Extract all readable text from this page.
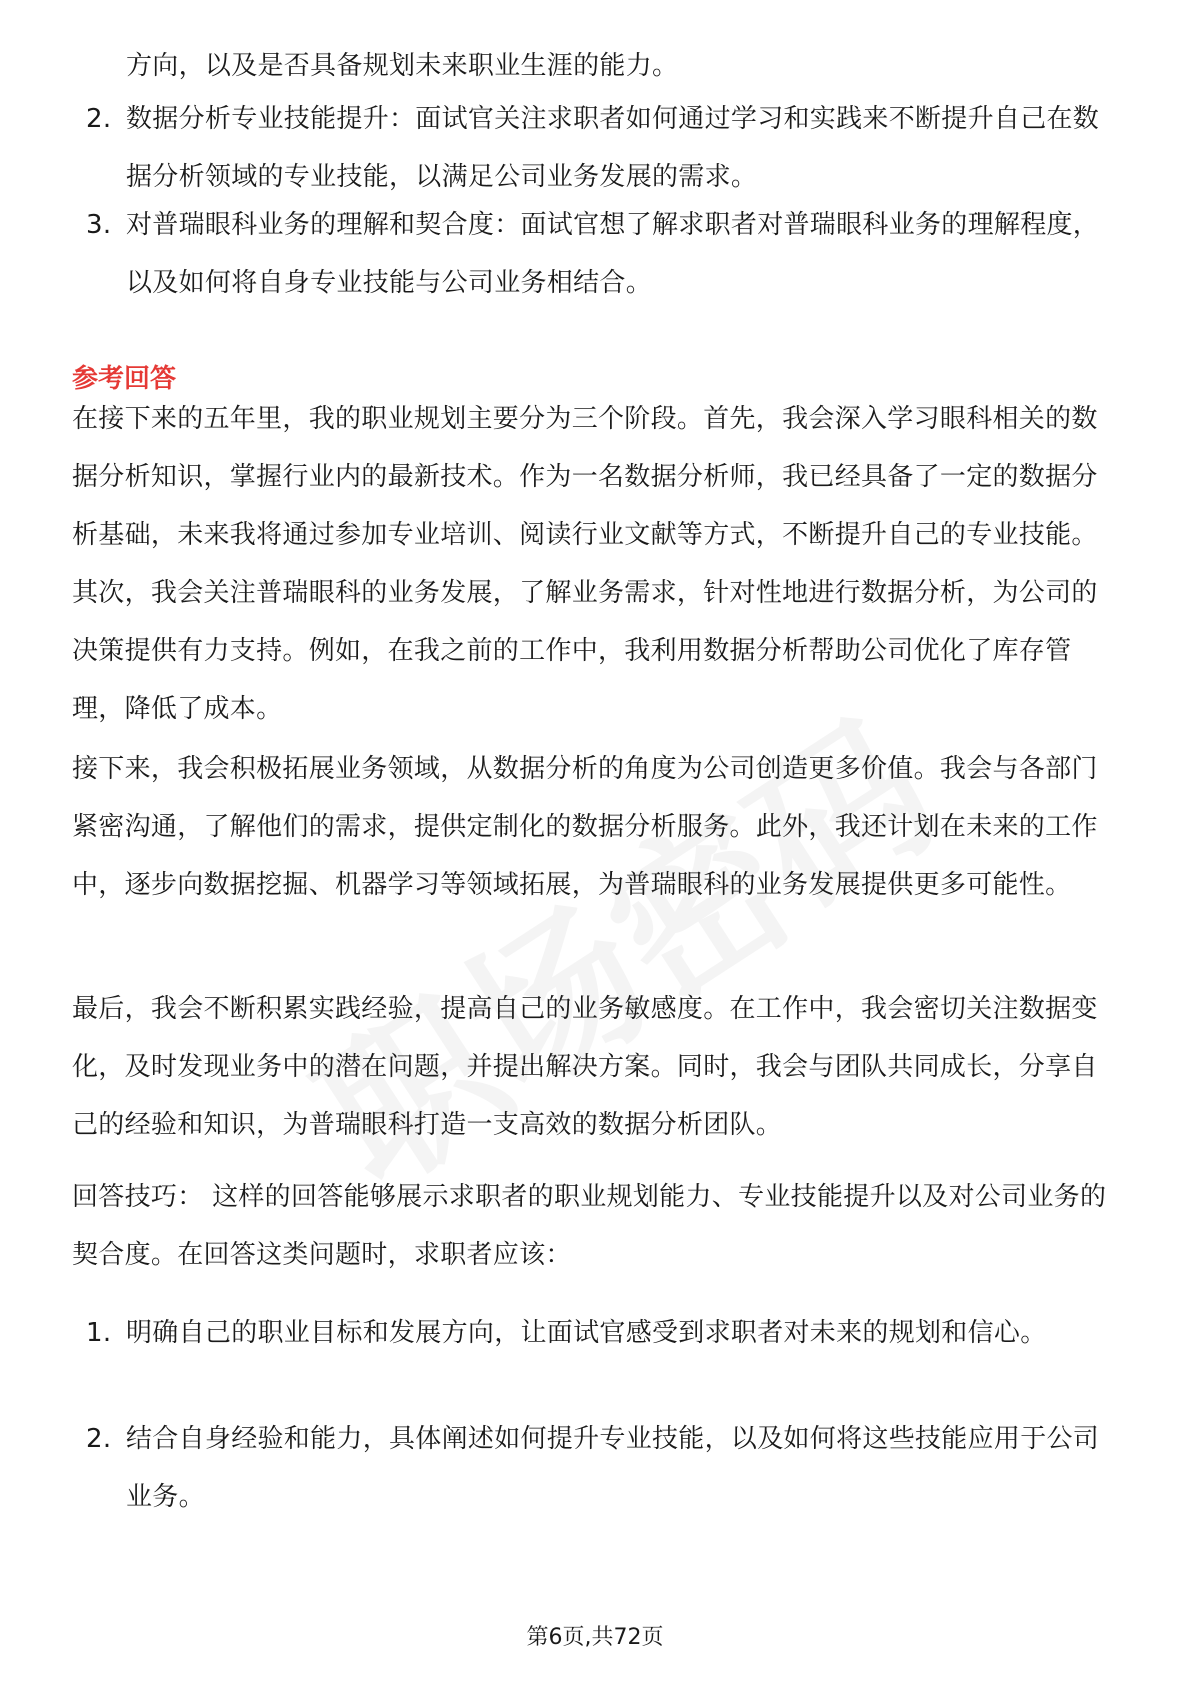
方向，以及是否具备规划未来职业生涯的能力。

2. 数据分析专业技能提升：面试官关注求职者如何通过学习和实践来不断提升自己在数据分析领域的专业技能，以满足公司业务发展的需求。
3. 对普瑞眼科业务的理解和契合度：面试官想了解求职者对普瑞眼科业务的理解程度，以及如何将自身专业技能与公司业务相结合。
参考回答

在接下来的五年里，我的职业规划主要分为三个阶段。首先，我会深入学习眼科相关的数据分析知识，掌握行业内的最新技术。作为一名数据分析师，我已经具备了一定的数据分析基础，未来我将通过参加专业培训、阅读行业文献等方式，不断提升自己的专业技能。其次，我会关注普瑞眼科的业务发展，了解业务需求，针对性地进行数据分析，为公司的决策提供有力支持。例如，在我之前的工作中，我利用数据分析帮助公司优化了库存管理，降低了成本。

接下来，我会积极拓展业务领域，从数据分析的角度为公司创造更多价值。我会与各部门紧密沟通，了解他们的需求，提供定制化的数据分析服务。此外，我还计划在未来的工作中，逐步向数据挖掘、机器学习等领域拓展，为普瑞眼科的业务发展提供更多可能性。

最后，我会不断积累实践经验，提高自己的业务敏感度。在工作中，我会密切关注数据变化，及时发现业务中的潜在问题，并提出解决方案。同时，我会与团队共同成长，分享自己的经验和知识，为普瑞眼科打造一支高效的数据分析团队。

回答技巧： 这样的回答能够展示求职者的职业规划能力、专业技能提升以及对公司业务的契合度。在回答这类问题时，求职者应该：

1. 明确自己的职业目标和发展方向，让面试官感受到求职者对未来的规划和信心。
2. 结合自身经验和能力，具体阐述如何提升专业技能，以及如何将这些技能应用于公司业务。
第6页,共72页
